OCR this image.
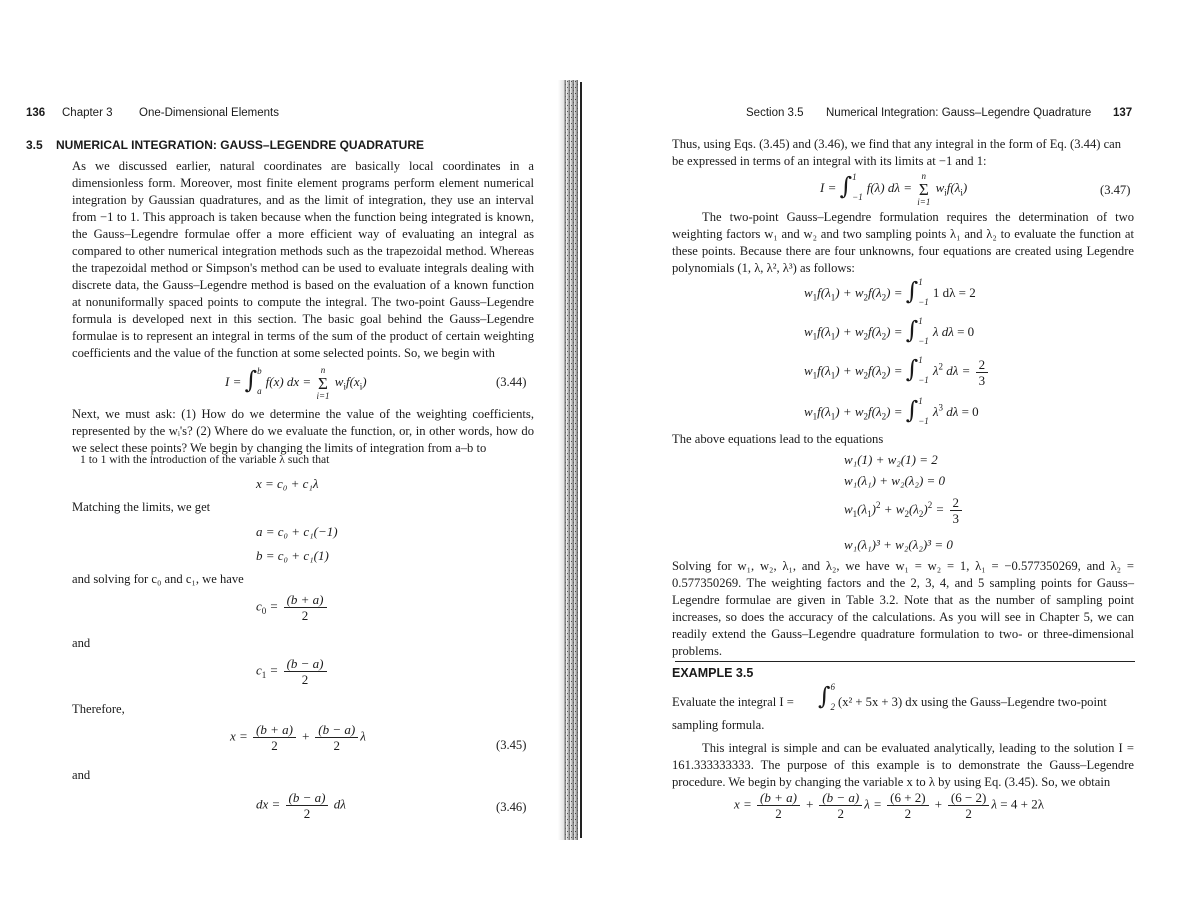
136 Chapter 3 One-Dimensional Elements
3.5 NUMERICAL INTEGRATION: GAUSS–LEGENDRE QUADRATURE
As we discussed earlier, natural coordinates are basically local coordinates in a dimensionless form. Moreover, most finite element programs perform element numerical integration by Gaussian quadratures, and as the limit of integration, they use an interval from −1 to 1. This approach is taken because when the function being integrated is known, the Gauss–Legendre formulae offer a more efficient way of evaluating an integral as compared to other numerical integration methods such as the trapezoidal method. Whereas the trapezoidal method or Simpson's method can be used to evaluate integrals dealing with discrete data, the Gauss–Legendre method is based on the evaluation of a known function at nonuniformally spaced points to compute the integral. The two-point Gauss–Legendre formula is developed next in this section. The basic goal behind the Gauss–Legendre formulae is to represent an integral in terms of the sum of the product of certain weighting coefficients and the value of the function at some selected points. So, we begin with
I = ∫b

af(x) dx =
n
Σ
i=1
$w_if(x_i)$	(3.44)
Next, we must ask: (1) How do we determine the value of the weighting coefficients, represented by the wᵢ's? (2) Where do we evaluate the function, or, in other words, how do we select these points? We begin by changing the limits of integration from a–b to
1 to 1 with the introduction of the variable λ such that
x = c₀ + c₁λ
Matching the limits, we get
a = c₀ + c₁(−1)
b = c₀ + c₁(1)
and solving for c₀ and c₁, we have
$c_0 = \frac{(b + a)}{2}$
and
$c_1 = \frac{(b - a)}{2}$
Therefore,
$x = \frac{(b + a)}{2} + \frac{(b - a)}{2}$ λ
(3.45)
and
dx = $\frac{(b - a)}{2}$ dλ	(3.46)
Section 3.5 Numerical Integration: Gauss–Legendre Quadrature 137
Thus, using Eqs. (3.45) and (3.46), we find that any integral in the form of Eq. (3.44) can
be expressed in terms of an integral with its limits at −1 and 1:
I = ∫1

−1f(λ) dλ =
n
Σ
i=1
$w_if(\lambda_i)$	(3.47)
The two-point Gauss–Legendre formulation requires the determination of two weighting factors w₁ and w₂ and two sampling points λ₁ and λ₂ to evaluate the function at these points. Because there are four unknowns, four equations are created using Legendre polynomials (1, λ, λ², λ³) as follows:
$w_1f(\lambda_1) + w_2f(\lambda_2) = \int 1$

−11 dλ = 2
$w_1f(\lambda_1) + w_2f(\lambda_2) = \int 1$

−1λ dλ = 0
$w_1f(\lambda_1) + w_2f(\lambda_2) = \int 1$

$-1\lambda^2$ $d\lambda = \frac{2}{3}$
$w_1f(\lambda_1) + w_2f(\lambda_2) = \int 1$

$-1\lambda^3$ dλ = 0
The above equations lead to the equations
w₁(1) + w₂(1) = 2
w₁(λ₁) + w₂(λ₂) = 0
$w_1(\lambda_1)^2 + w_2(\lambda_2)^2 = \frac{2}{3}$
w₁(λ₁)³ + w₂(λ₂)³ = 0
Solving for w₁, w₂, λ₁, and λ₂, we have w₁ = w₂ = 1, λ₁ = −0.577350269, and λ₂ = 0.577350269. The weighting factors and the 2, 3, 4, and 5 sampling points for Gauss–Legendre formulae are given in Table 3.2. Note that as the number of sampling point increases, so does the accuracy of the calculations. As you will see in Chapter 5, we can readily extend the Gauss–Legendre quadrature formulation to two- or three-dimensional problems.
EXAMPLE 3.5
Evaluate the integral I = ∫6

2 (x² + 5x + 3) dx using the Gauss–Legendre two-point
sampling formula.
This integral is simple and can be evaluated analytically, leading to the solution I = 161.333333333. The purpose of this example is to demonstrate the Gauss–Legendre procedure. We begin by changing the variable x to λ by using Eq. (3.45). So, we obtain
$x = \frac{(b + a)}{2} + \frac{(b - a)}{2}$ $\lambda = \frac{(6 + 2)}{2} + \frac{(6 - 2)}{2}$ λ = 4 + 2λ
